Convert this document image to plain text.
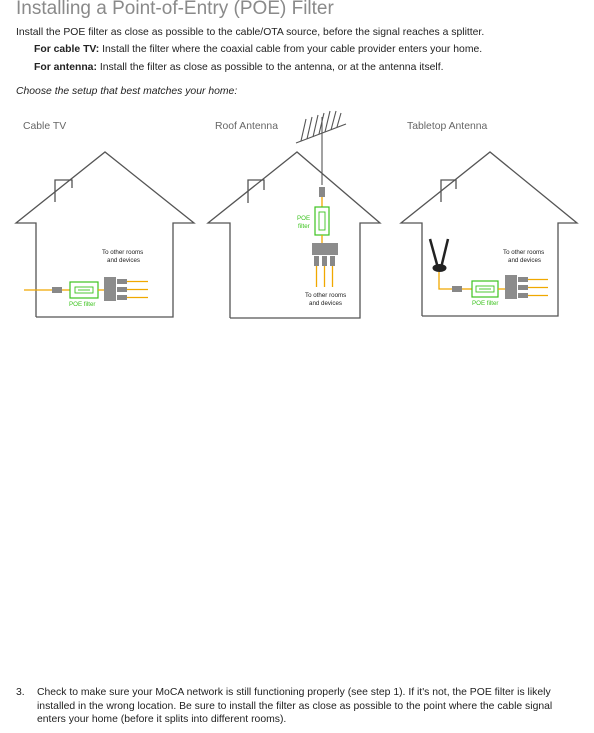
Installing a Point-of-Entry (POE) Filter
Install the POE filter as close as possible to the cable/OTA source, before the signal reaches a splitter.
For cable TV: Install the filter where the coaxial cable from your cable provider enters your home.
For antenna: Install the filter as close as possible to the antenna, or at the antenna itself.
Choose the setup that best matches your home:
Cable TV	Roof Antenna	Tabletop Antenna
POE filter
To other rooms
and devices
POE
filter
To other rooms
and devices	POE filter
To other rooms
and devices
3. Check to make sure your MoCA network is still functioning properly (see step 1). If it's not, the POE filter is likely installed in the wrong location. Be sure to install the filter as close as possible to the point where the cable signal enters your home (before it splits into different rooms).
